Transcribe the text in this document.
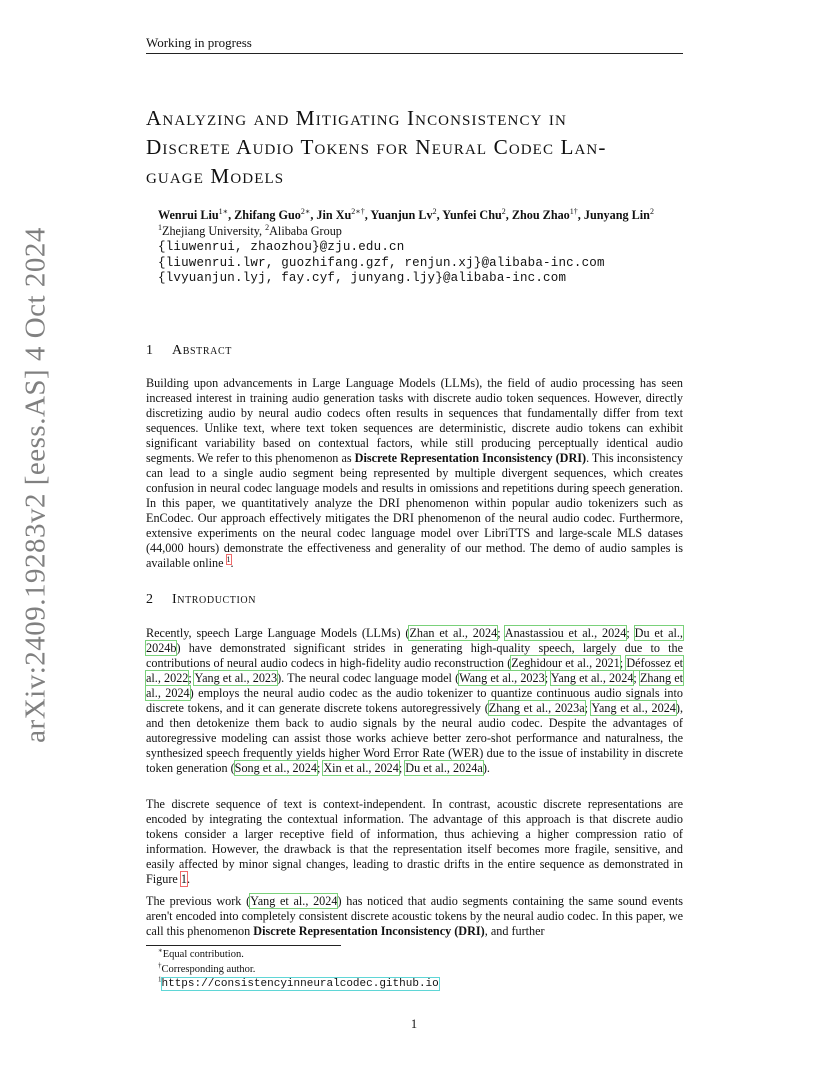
Working in progress
arXiv:2409.19283v2 [eess.AS] 4 Oct 2024
Analyzing and Mitigating Inconsistency in
Discrete Audio Tokens for Neural Codec Lan-
guage Models
Wenrui Liu$^{1∗}$, Zhifang Guo$^{2∗}$, Jin $Xu^{2∗\dagger}$, Yuanjun Lv$^2$, Yunfei Chu$^2$, Zhou Zhao$^{1\dagger}$, Junyang Lin$^2$
$^1$Zhejiang University, $^2$Alibaba Group
{liuwenrui, zhaozhou}@zju.edu.cn
{liuwenrui.lwr, guozhifang.gzf, renjun.xj}@alibaba-inc.com
{lvyuanjun.lyj, fay.cyf, junyang.ljy}@alibaba-inc.com
1 Abstract
Building upon advancements in Large Language Models (LLMs), the field of audio processing has seen increased interest in training audio generation tasks with discrete audio token sequences. However, directly discretizing audio by neural audio codecs often results in sequences that fundamentally differ from text sequences. Unlike text, where text token sequences are deterministic, discrete audio tokens can exhibit significant variability based on contextual factors, while still producing perceptually identical audio segments. We refer to this phenomenon as Discrete Representation Inconsistency (DRI). This inconsistency can lead to a single audio segment being represented by multiple divergent sequences, which creates confusion in neural codec language models and results in omissions and repetitions during speech generation. In this paper, we quantitatively analyze the DRI phenomenon within popular audio tokenizers such as EnCodec. Our approach effectively mitigates the DRI phenomenon of the neural audio codec. Furthermore, extensive experiments on the neural codec language model over LibriTTS and large-scale MLS datases (44,000 hours) demonstrate the effectiveness and generality of our method. The demo of audio samples is available online $^1$.
2 Introduction
Recently, speech Large Language Models (LLMs) (Zhan et al., 2024; Anastassiou et al., 2024; Du et al., 2024b) have demonstrated significant strides in generating high-quality speech, largely due to the contributions of neural audio codecs in high-fidelity audio reconstruction (Zeghidour et al., 2021; Défossez et al., 2022; Yang et al., 2023). The neural codec language model (Wang et al., 2023; Yang et al., 2024; Zhang et al., 2024) employs the neural audio codec as the audio tokenizer to quantize continuous audio signals into discrete tokens, and it can generate discrete tokens autoregressively (Zhang et al., 2023a; Yang et al., 2024), and then detokenize them back to audio signals by the neural audio codec. Despite the advantages of autoregressive modeling can assist those works achieve better zero-shot performance and naturalness, the synthesized speech frequently yields higher Word Error Rate (WER) due to the issue of instability in discrete token generation (Song et al., 2024; Xin et al., 2024; Du et al., 2024a).
The discrete sequence of text is context-independent. In contrast, acoustic discrete representations are encoded by integrating the contextual information. The advantage of this approach is that discrete audio tokens consider a larger receptive field of information, thus achieving a higher compression ratio of information. However, the drawback is that the representation itself becomes more fragile, sensitive, and easily affected by minor signal changes, leading to drastic drifts in the entire sequence as demonstrated in Figure 1.
The previous work (Yang et al., 2024) has noticed that audio segments containing the same sound events aren't encoded into completely consistent discrete acoustic tokens by the neural audio codec. In this paper, we call this phenomenon Discrete Representation Inconsistency (DRI), and further
∗Equal contribution.
†Corresponding author.
$^1$https://consistencyinneuralcodec.github.io
1
